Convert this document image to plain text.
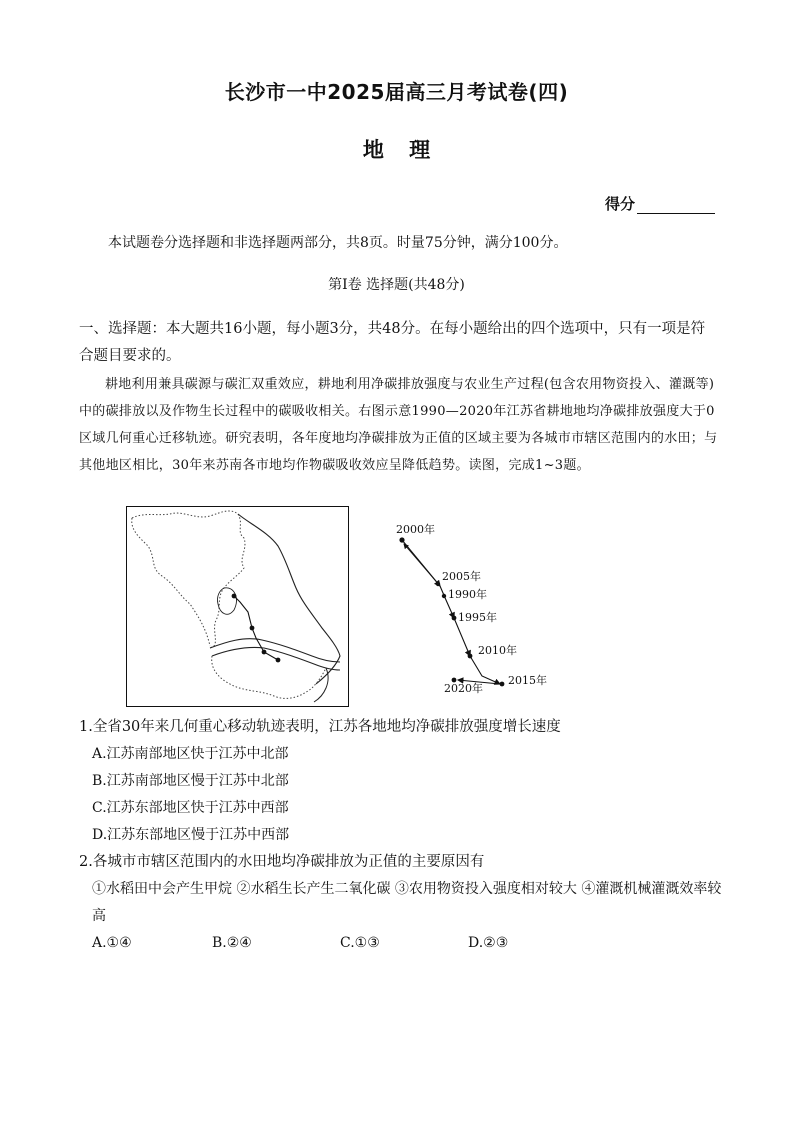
长沙市一中2025届高三月考试卷(四)
地 理
得分
本试题卷分选择题和非选择题两部分，共8页。时量75分钟，满分100分。
第Ⅰ卷 选择题(共48分)
一、选择题：本大题共16小题，每小题3分，共48分。在每小题给出的四个选项中，只有一项是符合题目要求的。
耕地利用兼具碳源与碳汇双重效应，耕地利用净碳排放强度与农业生产过程(包含农用物资投入、灌溉等)中的碳排放以及作物生长过程中的碳吸收相关。右图示意1990—2020年江苏省耕地地均净碳排放强度大于0区域几何重心迁移轨迹。研究表明，各年度地均净碳排放为正值的区域主要为各城市市辖区范围内的水田；与其他地区相比，30年来苏南各市地均作物碳吸收效应呈降低趋势。读图，完成1~3题。
2000年
2005年
1990年
1995年
2010年
2015年
2020年
1.全省30年来几何重心移动轨迹表明，江苏各地地均净碳排放强度增长速度
A.江苏南部地区快于江苏中北部
B.江苏南部地区慢于江苏中北部
C.江苏东部地区快于江苏中西部
D.江苏东部地区慢于江苏中西部
2.各城市市辖区范围内的水田地均净碳排放为正值的主要原因有
①水稻田中会产生甲烷 ②水稻生长产生二氧化碳 ③农用物资投入强度相对较大 ④灌溉机械灌溉效率较高
A.①④	B.②④	C.①③	D.②③
